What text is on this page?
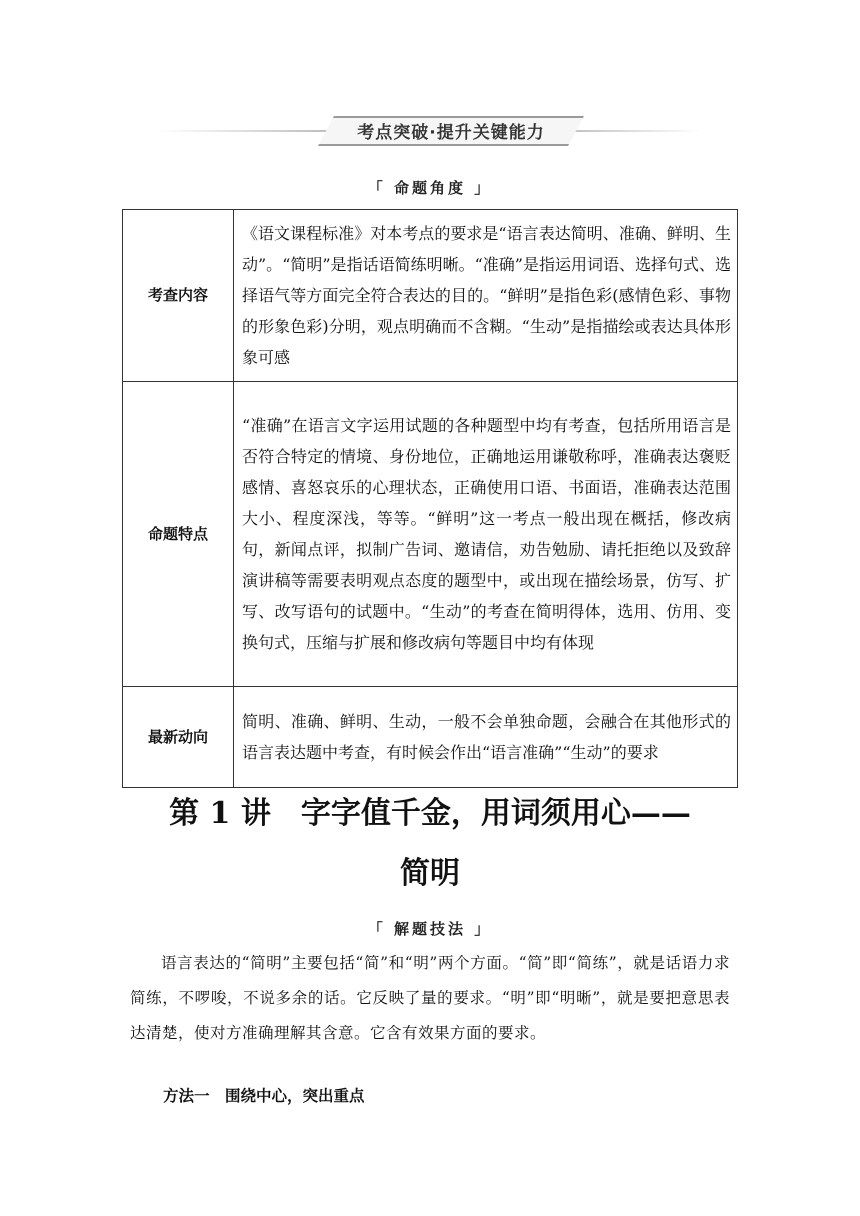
考点突破·提升关键能力
「 命题角度 」
考查内容	《语文课程标准》对本考点的要求是“语言表达简明、准确、鲜明、生动”。“简明”是指话语简练明晰。“准确”是指运用词语、选择句式、选择语气等方面完全符合表达的目的。“鲜明”是指色彩(感情色彩、事物的形象色彩)分明，观点明确而不含糊。“生动”是指描绘或表达具体形象可感
命题特点	“准确”在语言文字运用试题的各种题型中均有考查，包括所用语言是否符合特定的情境、身份地位，正确地运用谦敬称呼，准确表达褒贬感情、喜怒哀乐的心理状态，正确使用口语、书面语，准确表达范围大小、程度深浅，等等。“鲜明”这一考点一般出现在概括，修改病句，新闻点评，拟制广告词、邀请信，劝告勉励、请托拒绝以及致辞演讲稿等需要表明观点态度的题型中，或出现在描绘场景，仿写、扩写、改写语句的试题中。“生动”的考查在简明得体，选用、仿用、变换句式，压缩与扩展和修改病句等题目中均有体现
最新动向	简明、准确、鲜明、生动，一般不会单独命题，会融合在其他形式的语言表达题中考查，有时候会作出“语言准确”“生动”的要求
第 1 讲　字字值千金，用词须用心——
简明
「 解题技法 」
语言表达的“简明”主要包括“简”和“明”两个方面。“简”即“简练”，就是话语力求简练，不啰唆，不说多余的话。它反映了量的要求。“明”即“明晰”，就是要把意思表达清楚，使对方准确理解其含意。它含有效果方面的要求。
方法一　围绕中心，突出重点
